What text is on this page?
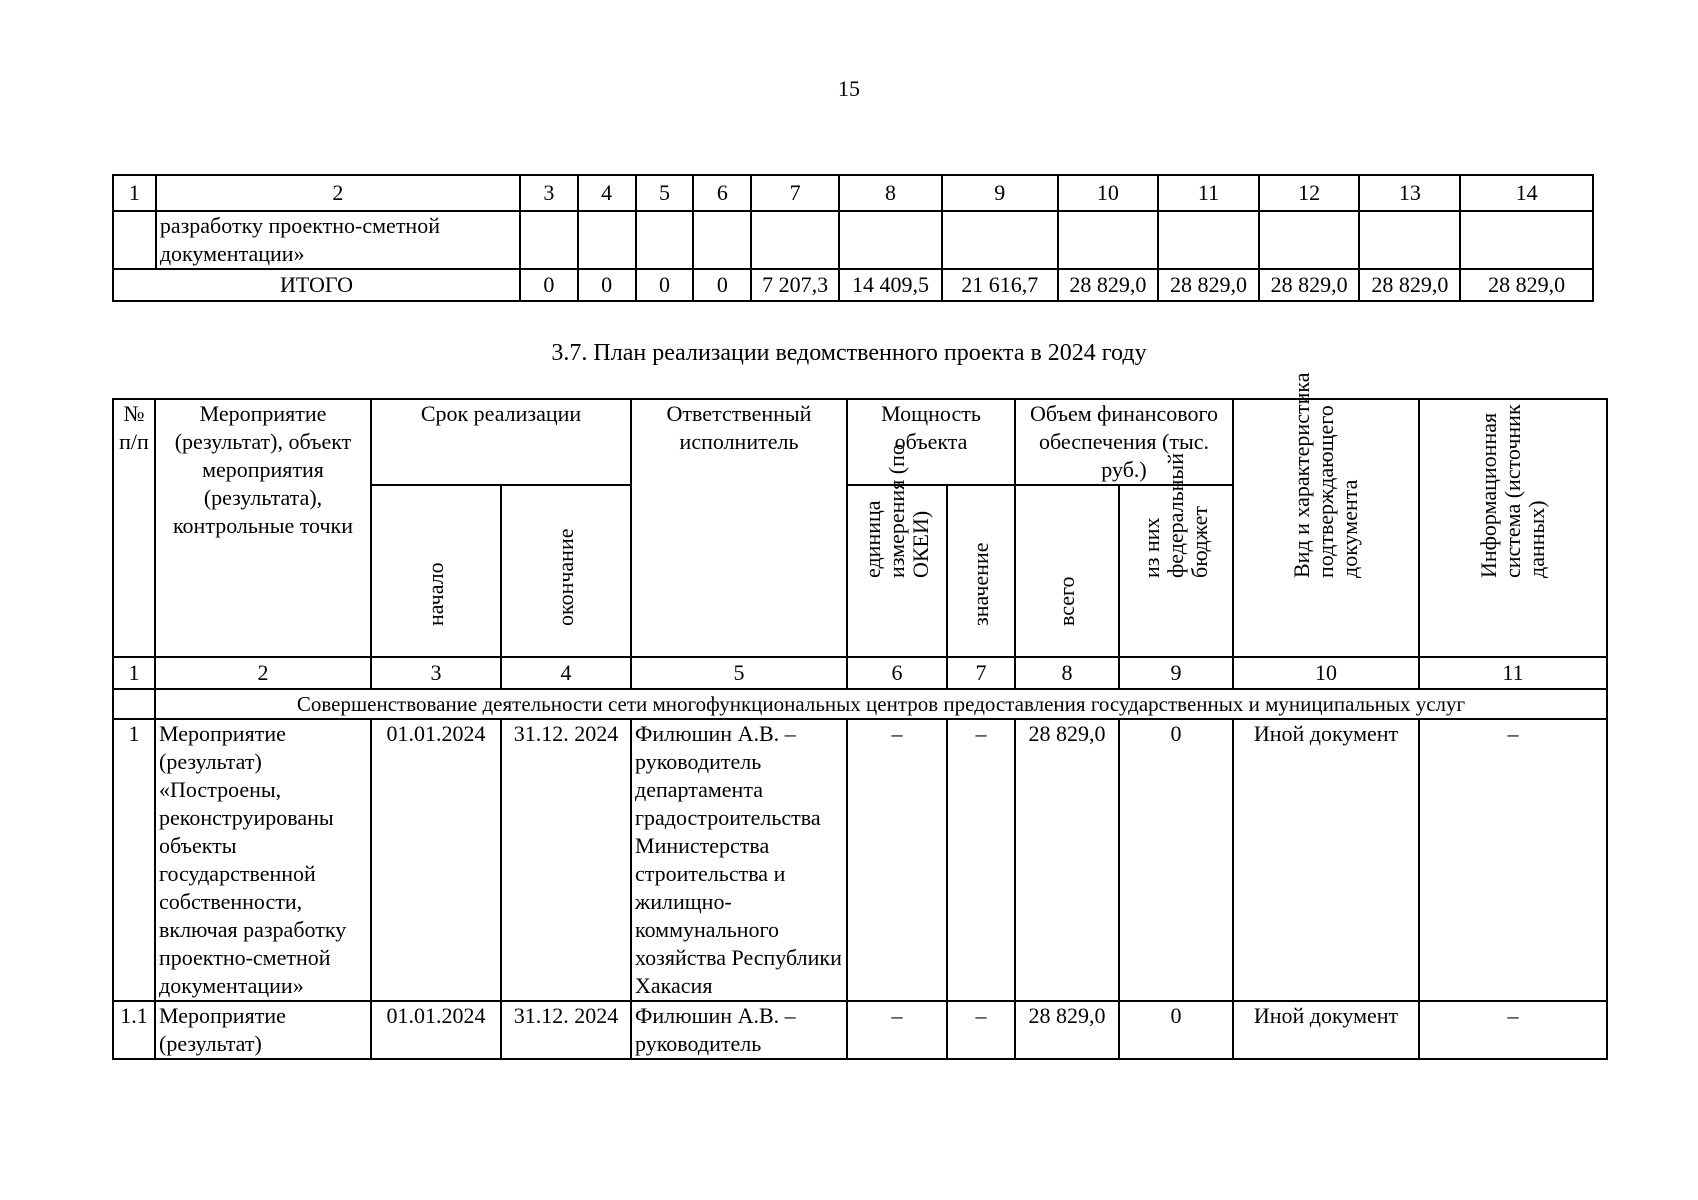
15
1	2	3	4	5	6	7	8	9	10	11	12	13	14
	разработку проектно-сметной документации»												
ИТОГО		0	0	0	0	7 207,3	14 409,5	21 616,7	28 829,0	28 829,0	28 829,0	28 829,0	28 829,0
3.7. План реализации ведомственного проекта в 2024 году
№ п/п	Мероприятие (результат), объект мероприятия (результата), контрольные точки	Срок реализации		Ответственный исполнитель	Мощность объекта		Объем финансового обеспечения (тыс. руб.)		Вид и характеристика подтверждающего документа	Информационная система (источник данных)

		начало	окончание		единица измерения (по ОКЕИ)	значение	всего	из них федеральный бюджет		

1	2	3	4	5	6	7	8	9	10	11
	Совершенствование деятельности сети многофункциональных центров предоставления государственных и муниципальных услуг									
1	Мероприятие (результат) «Построены, реконструированы объекты государственной собственности, включая разработку проектно-сметной документации»	01.01.2024	31.12. 2024	Филюшин А.В. – руководитель департамента градостроительства Министерства строительства и жилищно-коммунального хозяйства Республики Хакасия	–	–	28 829,0	0	Иной документ	–
1.1	Мероприятие (результат)	01.01.2024	31.12. 2024	Филюшин А.В. – руководитель	–	–	28 829,0	0	Иной документ	–
